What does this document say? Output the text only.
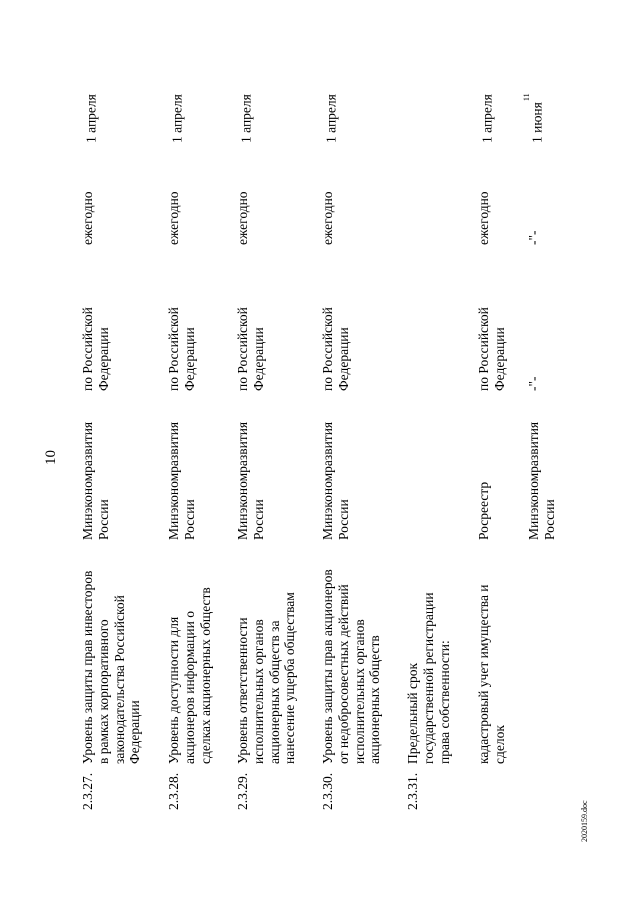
10
2.3.27.
Уровень защиты прав инвесторов
в рамках корпоративного
законодательства Российской
Федерации
Минэкономразвития
России
по Российской
Федерации
ежегодно
1 апреля
2.3.28.
Уровень доступности для
акционеров информации о
сделках акционерных обществ
Минэкономразвития
России
по Российской
Федерации
ежегодно
1 апреля
2.3.29.
Уровень ответственности
исполнительных органов
акционерных обществ за
нанесение ущерба обществам
Минэкономразвития
России
по Российской
Федерации
ежегодно
1 апреля
2.3.30.
Уровень защиты прав акционеров
от недобросовестных действий
исполнительных органов
акционерных обществ
Минэкономразвития
России
по Российской
Федерации
ежегодно
1 апреля
2.3.31.
Предельный срок
государственной регистрации
права собственности: кадастровый учет имущества и
сделок
Росреестр
по Российской
Федерации
ежегодно
1 апреля
Минэкономразвития
России
-"-
-"-
1 июня$^{11}$
2020159.doc
